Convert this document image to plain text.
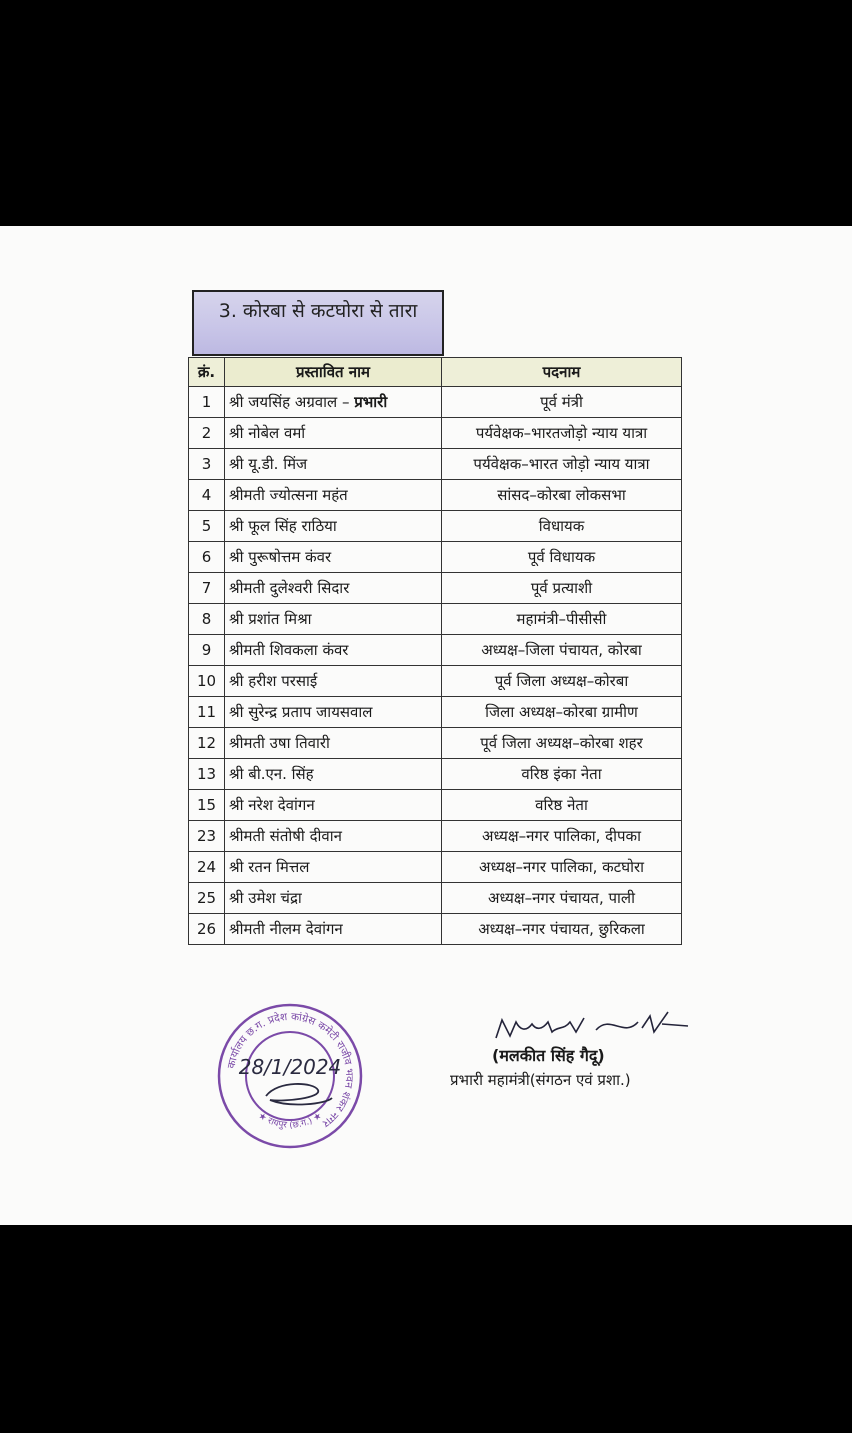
3. कोरबा से कटघोरा से तारा
क्रं.	प्रस्तावित नाम	पदनाम
1	श्री जयसिंह अग्रवाल – प्रभारी	पूर्व मंत्री
2	श्री नोबेल वर्मा	पर्यवेक्षक–भारतजोड़ो न्याय यात्रा
3	श्री यू.डी. मिंज	पर्यवेक्षक–भारत जोड़ो न्याय यात्रा
4	श्रीमती ज्योत्सना महंत	सांसद–कोरबा लोकसभा
5	श्री फूल सिंह राठिया	विधायक
6	श्री पुरूषोत्तम कंवर	पूर्व विधायक
7	श्रीमती दुलेश्वरी सिदार	पूर्व प्रत्याशी
8	श्री प्रशांत मिश्रा	महामंत्री–पीसीसी
9	श्रीमती शिवकला कंवर	अध्यक्ष–जिला पंचायत, कोरबा
10	श्री हरीश परसाई	पूर्व जिला अध्यक्ष–कोरबा
11	श्री सुरेन्द्र प्रताप जायसवाल	जिला अध्यक्ष–कोरबा ग्रामीण
12	श्रीमती उषा तिवारी	पूर्व जिला अध्यक्ष–कोरबा शहर
13	श्री बी.एन. सिंह	वरिष्ठ इंका नेता
15	श्री नरेश देवांगन	वरिष्ठ नेता
23	श्रीमती संतोषी दीवान	अध्यक्ष–नगर पालिका, दीपका
24	श्री रतन मित्तल	अध्यक्ष–नगर पालिका, कटघोरा
25	श्री उमेश चंद्रा	अध्यक्ष–नगर पंचायत, पाली
26	श्रीमती नीलम देवांगन	अध्यक्ष–नगर पंचायत, छुरिकला
कार्यालय छ.ग. प्रदेश कांग्रेस कमेटी राजीव भवन शंकर नगर
★ रायपुर (छ.ग.) ★
28/1/2024	(मलकीत सिंह गैदू)
प्रभारी महामंत्री(संगठन एवं प्रशा.)
